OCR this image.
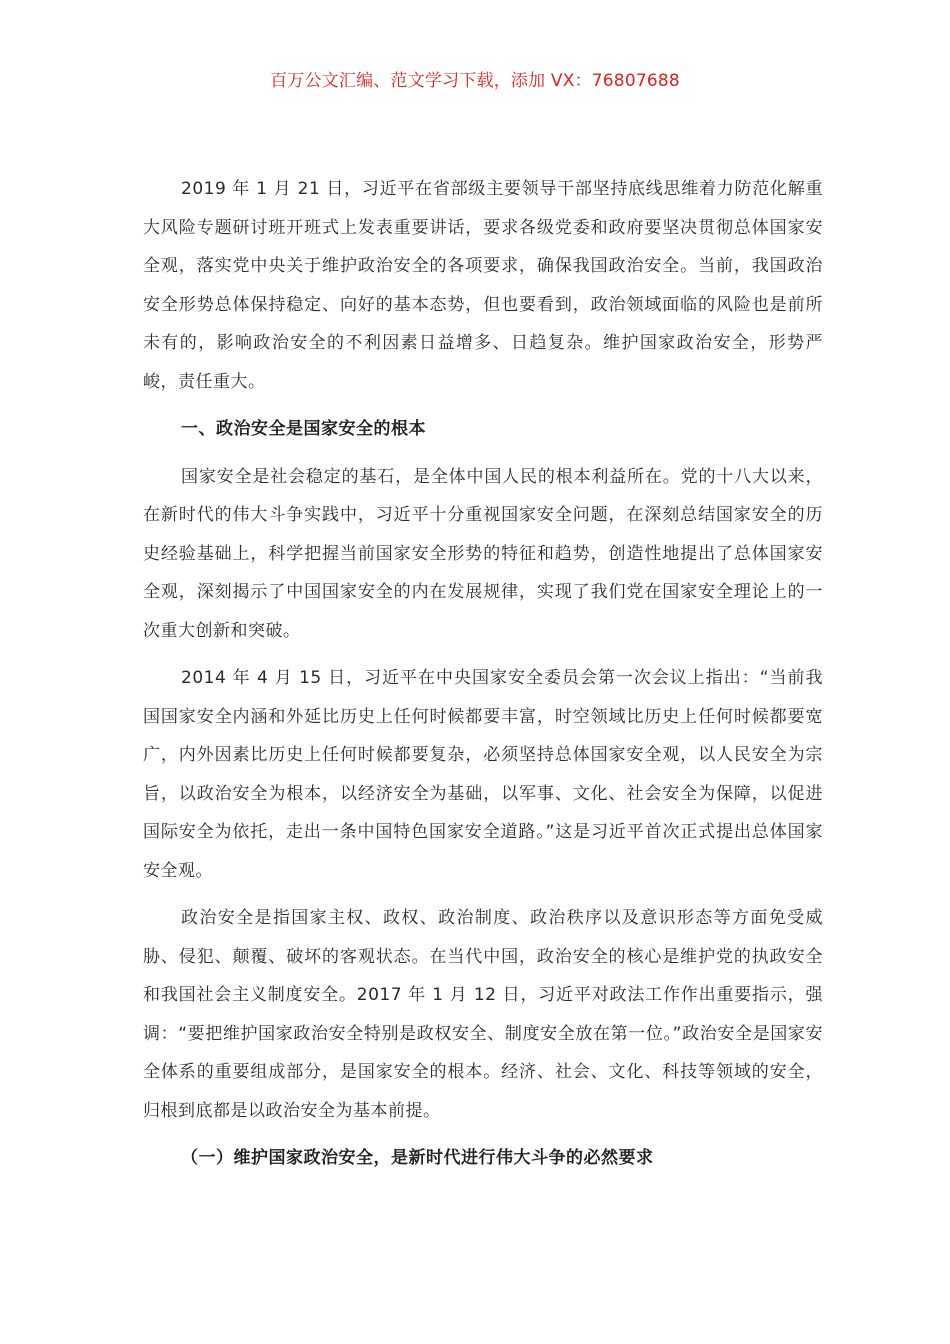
百万公文汇编、范文学习下载，添加 VX：76807688

2019 年 1 月 21 日，习近平在省部级主要领导干部坚持底线思维着力防范化解重大风险专题研讨班开班式上发表重要讲话，要求各级党委和政府要坚决贯彻总体国家安全观，落实党中央关于维护政治安全的各项要求，确保我国政治安全。当前，我国政治安全形势总体保持稳定、向好的基本态势，但也要看到，政治领域面临的风险也是前所未有的，影响政治安全的不利因素日益增多、日趋复杂。维护国家政治安全，形势严峻，责任重大。

一、政治安全是国家安全的根本

国家安全是社会稳定的基石，是全体中国人民的根本利益所在。党的十八大以来，在新时代的伟大斗争实践中，习近平十分重视国家安全问题，在深刻总结国家安全的历史经验基础上，科学把握当前国家安全形势的特征和趋势，创造性地提出了总体国家安全观，深刻揭示了中国国家安全的内在发展规律，实现了我们党在国家安全理论上的一次重大创新和突破。

2014 年 4 月 15 日，习近平在中央国家安全委员会第一次会议上指出：“当前我国国家安全内涵和外延比历史上任何时候都要丰富，时空领域比历史上任何时候都要宽广，内外因素比历史上任何时候都要复杂，必须坚持总体国家安全观，以人民安全为宗旨，以政治安全为根本，以经济安全为基础，以军事、文化、社会安全为保障，以促进国际安全为依托，走出一条中国特色国家安全道路。”这是习近平首次正式提出总体国家安全观。

政治安全是指国家主权、政权、政治制度、政治秩序以及意识形态等方面免受威胁、侵犯、颠覆、破坏的客观状态。在当代中国，政治安全的核心是维护党的执政安全和我国社会主义制度安全。2017 年 1 月 12 日，习近平对政法工作作出重要指示，强调：“要把维护国家政治安全特别是政权安全、制度安全放在第一位。”政治安全是国家安全体系的重要组成部分，是国家安全的根本。经济、社会、文化、科技等领域的安全，归根到底都是以政治安全为基本前提。

（一）维护国家政治安全，是新时代进行伟大斗争的必然要求
